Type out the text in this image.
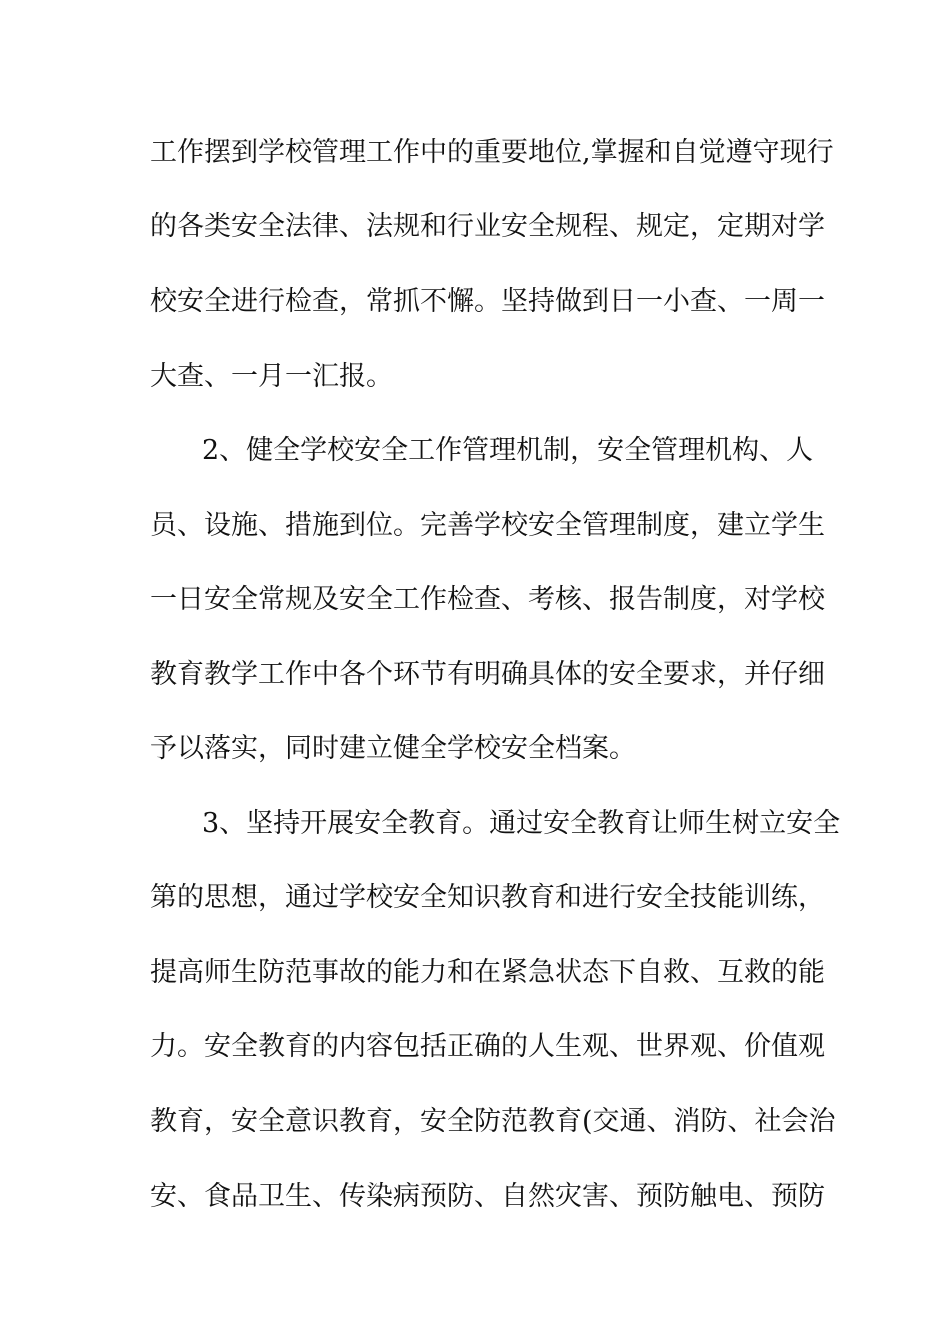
工作摆到学校管理工作中的重要地位,掌握和自觉遵守现行
的各类安全法律、法规和行业安全规程、规定，定期对学
校安全进行检查，常抓不懈。坚持做到日一小查、一周一
大查、一月一汇报。
2、健全学校安全工作管理机制，安全管理机构、人
员、设施、措施到位。完善学校安全管理制度，建立学生
一日安全常规及安全工作检查、考核、报告制度，对学校
教育教学工作中各个环节有明确具体的安全要求，并仔细
予以落实，同时建立健全学校安全档案。
3、坚持开展安全教育。通过安全教育让师生树立安全
第的思想，通过学校安全知识教育和进行安全技能训练，
提高师生防范事故的能力和在紧急状态下自救、互救的能
力。安全教育的内容包括正确的人生观、世界观、价值观
教育，安全意识教育，安全防范教育(交通、消防、社会治
安、食品卫生、传染病预防、自然灾害、预防触电、预防
